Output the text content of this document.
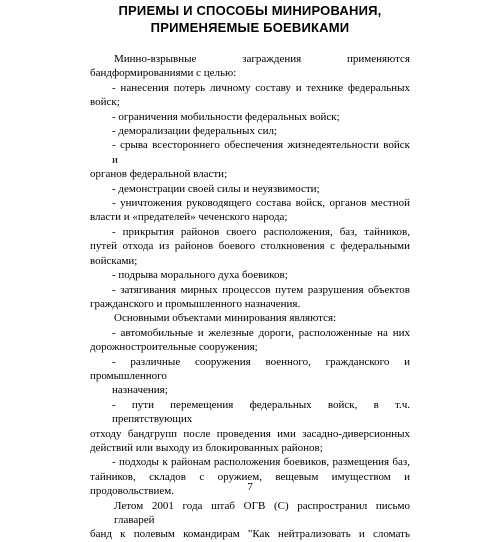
ПРИЕМЫ И СПОСОБЫ МИНИРОВАНИЯ,
ПРИМЕНЯЕМЫЕ БОЕВИКАМИ
Минно-взрывные заграждения применяются
бандформированиями с целью:
- нанесения потерь личному составу и технике федеральных
войск;
- ограничения мобильности федеральных войск;
- деморализации федеральных сил;
- срыва всестороннего обеспечения жизнедеятельности войск и
органов федеральной власти;
- демонстрации своей силы и неуязвимости;
- уничтожения руководящего состава войск, органов местной
власти и «предателей» чеченского народа;
- прикрытия районов своего расположения, баз, тайников,
путей отхода из районов боевого столкновения с федеральными
войсками;
- подрыва морального духа боевиков;
- затягивания мирных процессов путем разрушения объектов
гражданского и промышленного назначения.
Основными объектами минирования являются:
- автомобильные и железные дороги, расположенные на них
дорожностроительные сооружения;
- различные сооружения военного, гражданского и
промышленного
назначения;
- пути перемещения федеральных войск, в т.ч. препятствующих
отходу бандгрупп после проведения ими засадно-диверсионных
действий или выходу из блокированных районов;
- подходы к районам расположения боевиков, размещения баз,
тайников, складов с оружием, вещевым имуществом и
продовольствием.
Летом 2001 года штаб ОГВ (С) распространил письмо главарей
банд к полевым командирам "Как нейтрализовать и сломать
7
